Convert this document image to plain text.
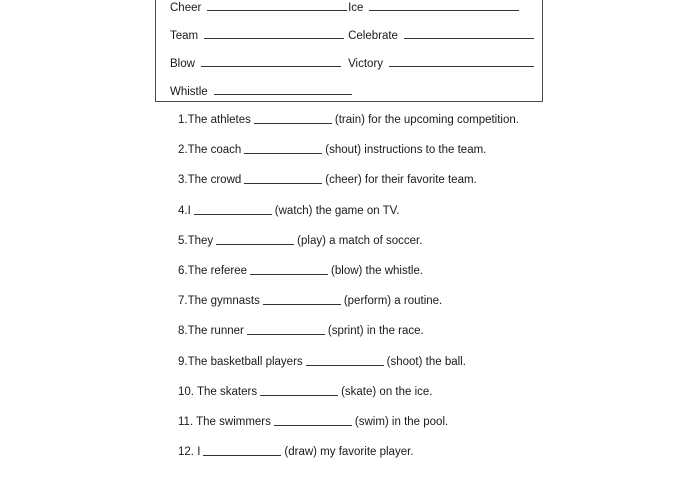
Cheer	Ice
Team	Celebrate
Blow	Victory
Whistle
1.The athletes	(train) for the upcoming competition.
2.The coach	(shout) instructions to the team.
3.The crowd	(cheer) for their favorite team.
4.I	(watch) the game on TV.
5.They	(play) a match of soccer.
6.The referee	(blow) the whistle.
7.The gymnasts	(perform) a routine.
8.The runner	(sprint) in the race.
9.The basketball players	(shoot) the ball.
10. The skaters	(skate) on the ice.
11. The swimmers	(swim) in the pool.
12. I	(draw) my favorite player.
